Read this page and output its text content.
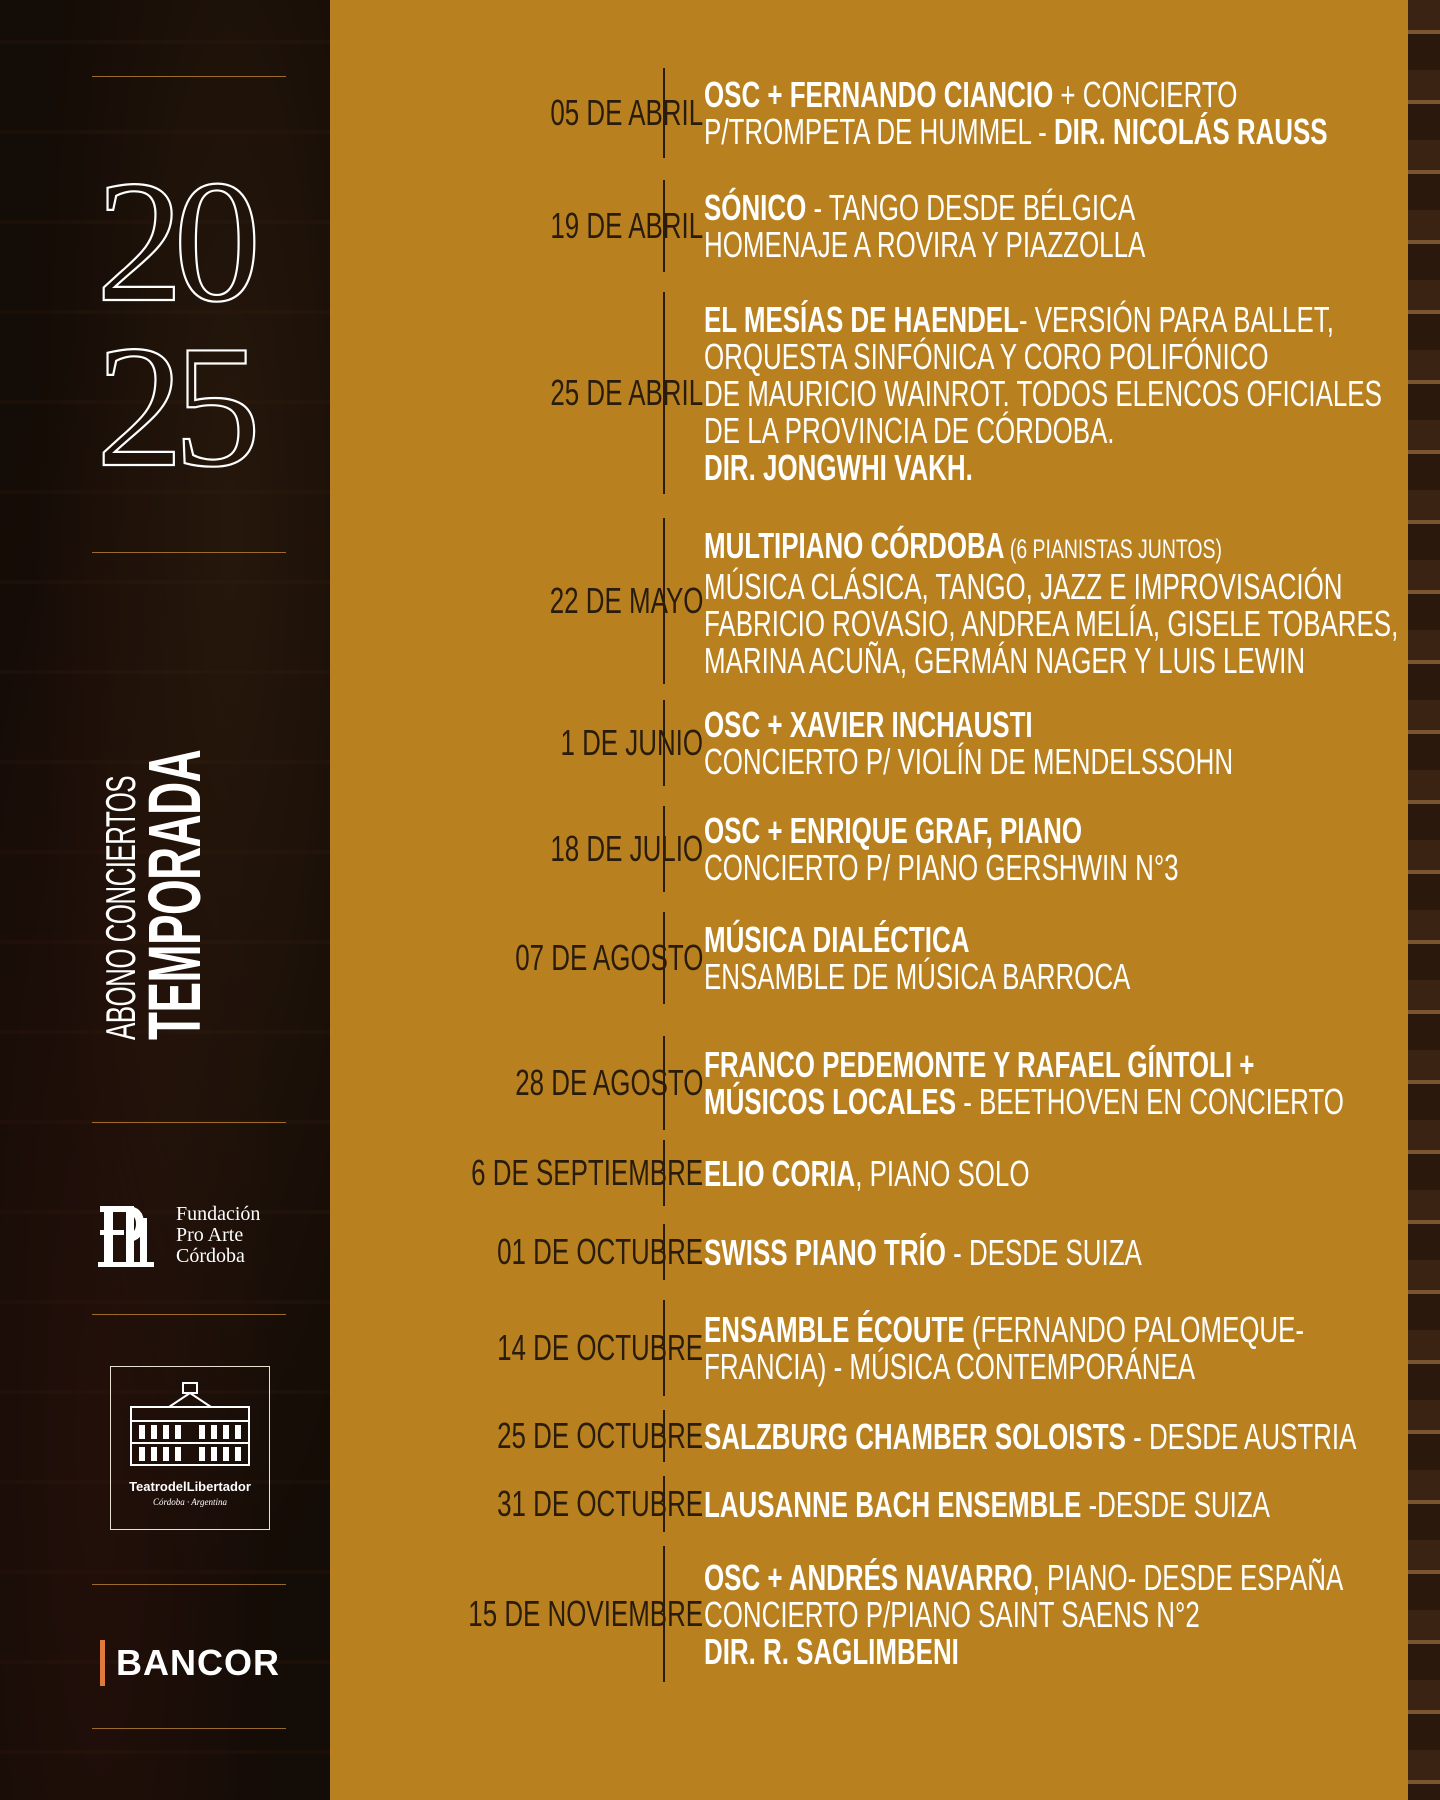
20
25
ABONO CONCIERTOS
TEMPORADA
Fundación
Pro Arte
Córdoba
TeatrodelLibertador
Córdoba · Argentina
BANCOR
05 DE ABRIL OSC + FERNANDO CIANCIO + CONCIERTO
P/TROMPETA DE HUMMEL - DIR. NICOLÁS RAUSS
19 DE ABRIL SÓNICO - TANGO DESDE BÉLGICA
HOMENAJE A ROVIRA Y PIAZZOLLA
25 DE ABRIL
EL MESÍAS DE HAENDEL- VERSIÓN PARA BALLET,
ORQUESTA SINFÓNICA Y CORO POLIFÓNICO
DE MAURICIO WAINROT. TODOS ELENCOS OFICIALES
DE LA PROVINCIA DE CÓRDOBA.
DIR. JONGWHI VAKH.
22 DE MAYO
MULTIPIANO CÓRDOBA (6 PIANISTAS JUNTOS)
MÚSICA CLÁSICA, TANGO, JAZZ E IMPROVISACIÓN
FABRICIO ROVASIO, ANDREA MELÍA, GISELE TOBARES,
MARINA ACUÑA, GERMÁN NAGER Y LUIS LEWIN
1 DE JUNIO OSC + XAVIER INCHAUSTI
CONCIERTO P/ VIOLÍN DE MENDELSSOHN
18 DE JULIO OSC + ENRIQUE GRAF, PIANO
CONCIERTO P/ PIANO GERSHWIN N°3
07 DE AGOSTO MÚSICA DIALÉCTICA
ENSAMBLE DE MÚSICA BARROCA
28 DE AGOSTO FRANCO PEDEMONTE Y RAFAEL GÍNTOLI +
MÚSICOS LOCALES - BEETHOVEN EN CONCIERTO
6 DE SEPTIEMBRE ELIO CORIA, PIANO SOLO
01 DE OCTUBRE SWISS PIANO TRÍO - DESDE SUIZA
14 DE OCTUBRE ENSAMBLE ÉCOUTE (FERNANDO PALOMEQUE-
FRANCIA) - MÚSICA CONTEMPORÁNEA
25 DE OCTUBRE SALZBURG CHAMBER SOLOISTS - DESDE AUSTRIA
31 DE OCTUBRE LAUSANNE BACH ENSEMBLE -DESDE SUIZA
15 DE NOVIEMBRE
OSC + ANDRÉS NAVARRO, PIANO- DESDE ESPAÑA
CONCIERTO P/PIANO SAINT SAENS N°2
DIR. R. SAGLIMBENI
